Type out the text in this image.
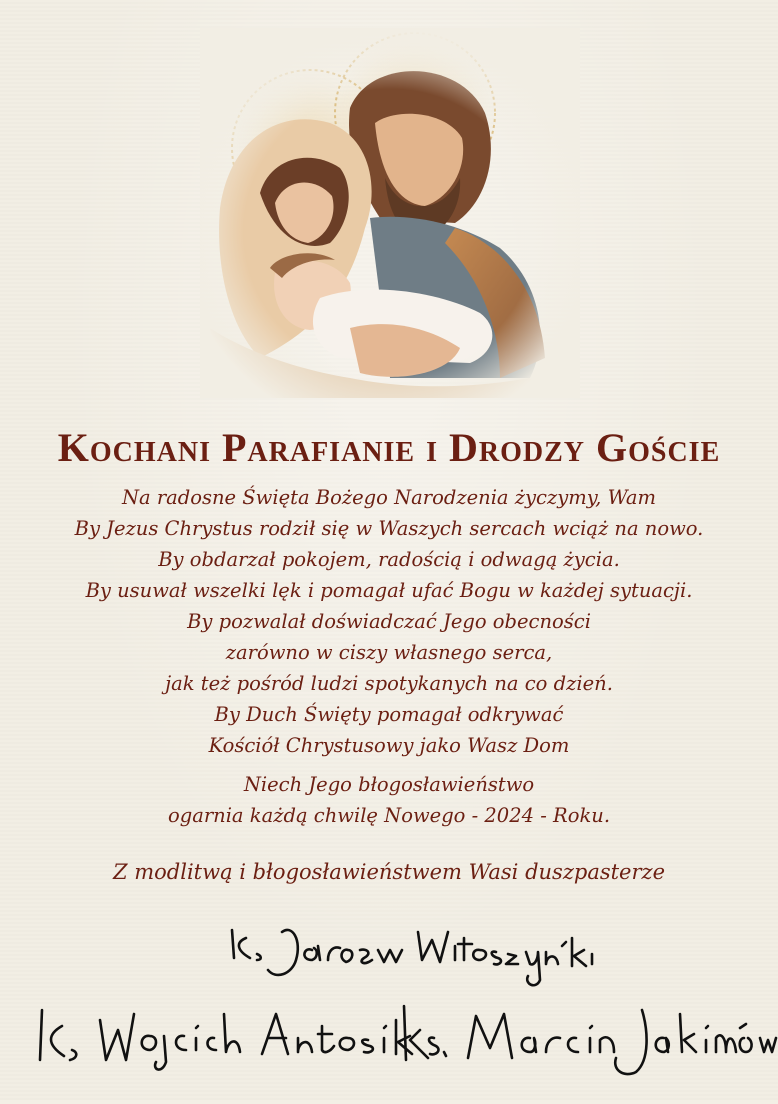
Kochani Parafianie i Drodzy Goście
Na radosne Święta Bożego Narodzenia życzymy, Wam
By Jezus Chrystus rodził się w Waszych sercach wciąż na nowo.
By obdarzał pokojem, radością i odwagą życia.
By usuwał wszelki lęk i pomagał ufać Bogu w każdej sytuacji.
By pozwalał doświadczać Jego obecności
zarówno w ciszy własnego serca,
jak też pośród ludzi spotykanych na co dzień.
By Duch Święty pomagał odkrywać
Kościół Chrystusowy jako Wasz Dom
Niech Jego błogosławieństwo
ogarnia każdą chwilę Nowego - 2024 - Roku.
Z modlitwą i błogosławieństwem Wasi duszpasterze
